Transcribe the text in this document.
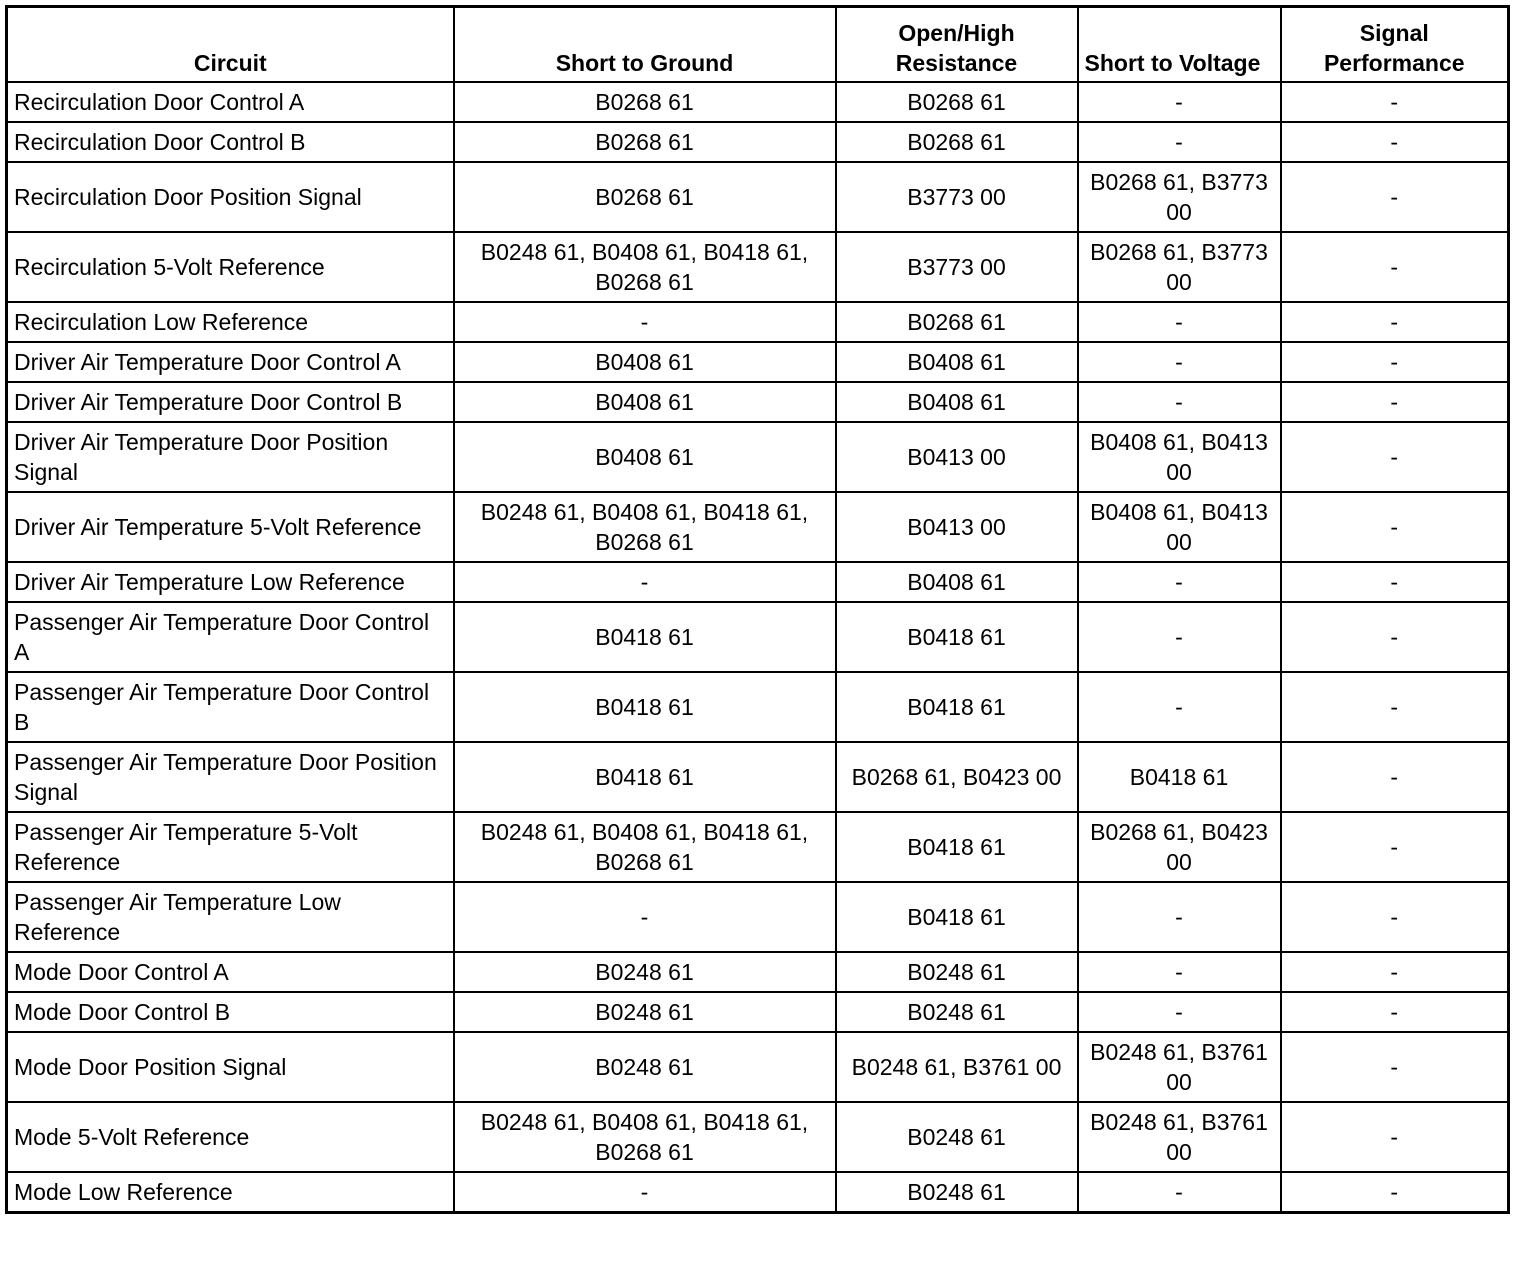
Circuit	Short to Ground	Open/High Resistance	Short to Voltage	Signal Performance
Recirculation Door Control A	B0268 61	B0268 61	-	-
Recirculation Door Control B	B0268 61	B0268 61	-	-
Recirculation Door Position Signal	B0268 61	B3773 00	B0268 61, B3773 00	-
Recirculation 5-Volt Reference	B0248 61, B0408 61, B0418 61, B0268 61	B3773 00	B0268 61, B3773 00	-
Recirculation Low Reference	-	B0268 61	-	-
Driver Air Temperature Door Control A	B0408 61	B0408 61	-	-
Driver Air Temperature Door Control B	B0408 61	B0408 61	-	-
Driver Air Temperature Door Position Signal	B0408 61	B0413 00	B0408 61, B0413 00	-
Driver Air Temperature 5-Volt Reference	B0248 61, B0408 61, B0418 61, B0268 61	B0413 00	B0408 61, B0413 00	-
Driver Air Temperature Low Reference	-	B0408 61	-	-
Passenger Air Temperature Door Control A	B0418 61	B0418 61	-	-
Passenger Air Temperature Door Control B	B0418 61	B0418 61	-	-
Passenger Air Temperature Door Position Signal	B0418 61	B0268 61, B0423 00	B0418 61	-
Passenger Air Temperature 5-Volt Reference	B0248 61, B0408 61, B0418 61, B0268 61	B0418 61	B0268 61, B0423 00	-
Passenger Air Temperature Low Reference	-	B0418 61	-	-
Mode Door Control A	B0248 61	B0248 61	-	-
Mode Door Control B	B0248 61	B0248 61	-	-
Mode Door Position Signal	B0248 61	B0248 61, B3761 00	B0248 61, B3761 00	-
Mode 5-Volt Reference	B0248 61, B0408 61, B0418 61, B0268 61	B0248 61	B0248 61, B3761 00	-
Mode Low Reference	-	B0248 61	-	-
